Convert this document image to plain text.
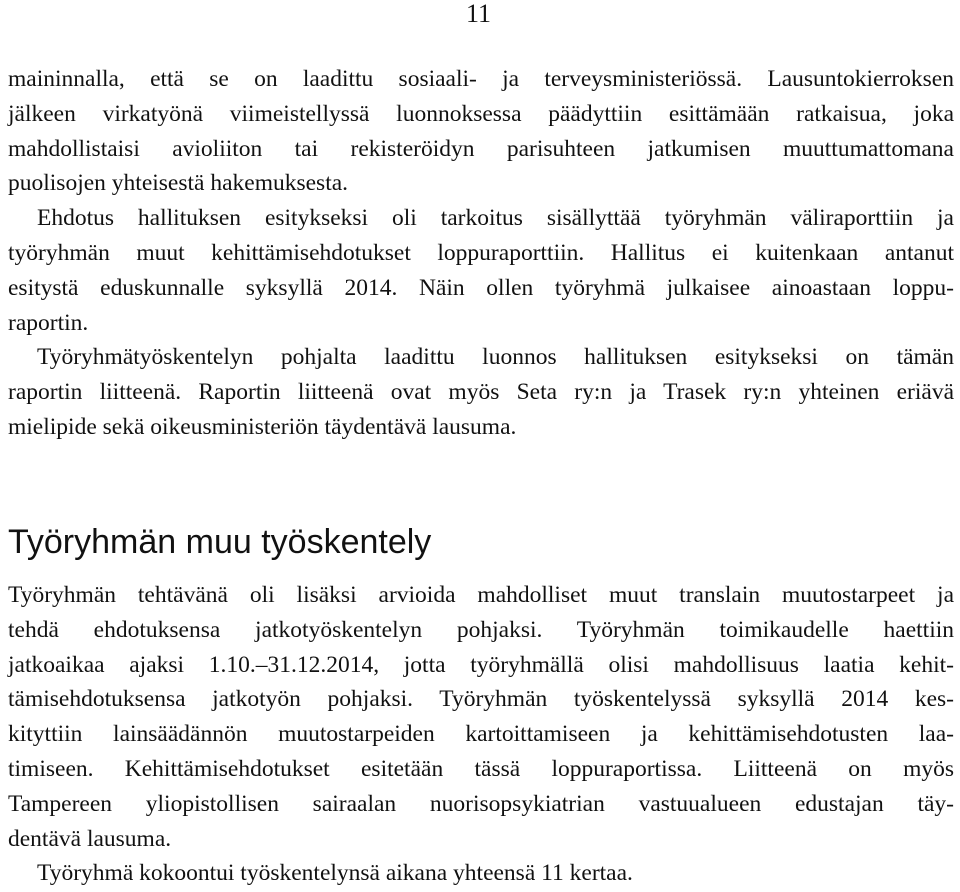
11
maininnalla, että se on laadittu sosiaali- ja terveysministeriössä. Lausuntokierroksen
jälkeen virkatyönä viimeistellyssä luonnoksessa päädyttiin esittämään ratkaisua, joka
mahdollistaisi avioliiton tai rekisteröidyn parisuhteen jatkumisen muuttumattomana
puolisojen yhteisestä hakemuksesta.
Ehdotus hallituksen esitykseksi oli tarkoitus sisällyttää työryhmän väliraporttiin ja
työryhmän muut kehittämisehdotukset loppuraporttiin. Hallitus ei kuitenkaan antanut
esitystä eduskunnalle syksyllä 2014. Näin ollen työryhmä julkaisee ainoastaan loppu-
raportin.
Työryhmätyöskentelyn pohjalta laadittu luonnos hallituksen esitykseksi on tämän
raportin liitteenä. Raportin liitteenä ovat myös Seta ry:n ja Trasek ry:n yhteinen eriävä
mielipide sekä oikeusministeriön täydentävä lausuma.
Työryhmän muu työskentely
Työryhmän tehtävänä oli lisäksi arvioida mahdolliset muut translain muutostarpeet ja
tehdä ehdotuksensa jatkotyöskentelyn pohjaksi. Työryhmän toimikaudelle haettiin
jatkoaikaa ajaksi 1.10.–31.12.2014, jotta työryhmällä olisi mahdollisuus laatia kehit-
tämisehdotuksensa jatkotyön pohjaksi. Työryhmän työskentelyssä syksyllä 2014 kes-
kityttiin lainsäädännön muutostarpeiden kartoittamiseen ja kehittämisehdotusten laa-
timiseen. Kehittämisehdotukset esitetään tässä loppuraportissa. Liitteenä on myös
Tampereen yliopistollisen sairaalan nuorisopsykiatrian vastuualueen edustajan täy-
dentävä lausuma.
Työryhmä kokoontui työskentelynsä aikana yhteensä 11 kertaa.
